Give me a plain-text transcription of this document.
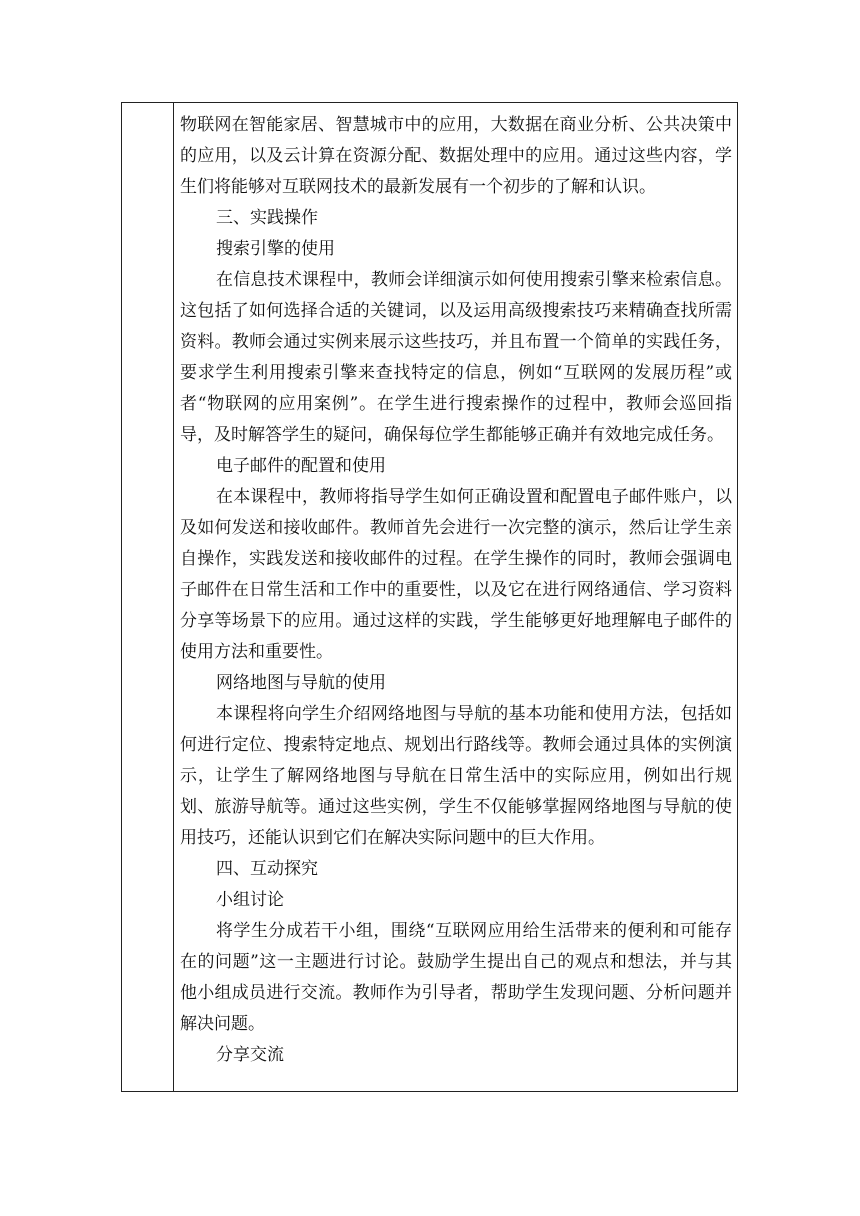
物联网在智能家居、智慧城市中的应用，大数据在商业分析、公共决策中的应用，以及云计算在资源分配、数据处理中的应用。通过这些内容，学生们将能够对互联网技术的最新发展有一个初步的了解和认识。

三、实践操作

搜索引擎的使用

在信息技术课程中，教师会详细演示如何使用搜索引擎来检索信息。这包括了如何选择合适的关键词，以及运用高级搜索技巧来精确查找所需资料。教师会通过实例来展示这些技巧，并且布置一个简单的实践任务，要求学生利用搜索引擎来查找特定的信息，例如“互联网的发展历程”或者“物联网的应用案例”。在学生进行搜索操作的过程中，教师会巡回指导，及时解答学生的疑问，确保每位学生都能够正确并有效地完成任务。

电子邮件的配置和使用

在本课程中，教师将指导学生如何正确设置和配置电子邮件账户，以及如何发送和接收邮件。教师首先会进行一次完整的演示，然后让学生亲自操作，实践发送和接收邮件的过程。在学生操作的同时，教师会强调电子邮件在日常生活和工作中的重要性，以及它在进行网络通信、学习资料分享等场景下的应用。通过这样的实践，学生能够更好地理解电子邮件的使用方法和重要性。

网络地图与导航的使用

本课程将向学生介绍网络地图与导航的基本功能和使用方法，包括如何进行定位、搜索特定地点、规划出行路线等。教师会通过具体的实例演示，让学生了解网络地图与导航在日常生活中的实际应用，例如出行规划、旅游导航等。通过这些实例，学生不仅能够掌握网络地图与导航的使用技巧，还能认识到它们在解决实际问题中的巨大作用。

四、互动探究

小组讨论

将学生分成若干小组，围绕“互联网应用给生活带来的便利和可能存在的问题”这一主题进行讨论。鼓励学生提出自己的观点和想法，并与其他小组成员进行交流。教师作为引导者，帮助学生发现问题、分析问题并解决问题。

分享交流
